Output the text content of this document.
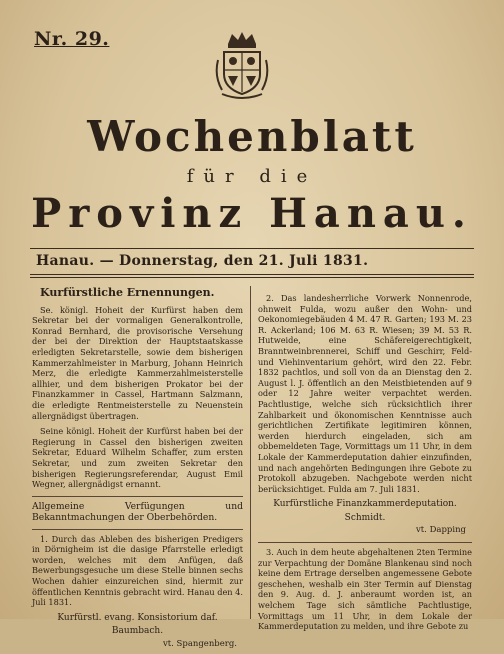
Nr. 29.
Wochenblatt
für die
Provinz Hanau.
Hanau. — Donnerstag, den 21. Juli 1831.
Kurfürstliche Ernennungen.

Se. königl. Hoheit der Kurfürst haben dem Sekretar bei der vormaligen Generalkontrolle, Konrad Bernhard, die provisorische Versehung der bei der Direktion der Hauptstaatskasse erledigten Sekretarstelle, sowie dem bisherigen Kammerzahlmeister in Marburg, Johann Heinrich Merz, die erledigte Kammerzahlmeisterstelle allhier, und dem bisherigen Prokator bei der Finanzkammer in Cassel, Hartmann Salzmann, die erledigte Rentmeisterstelle zu Neuenstein allergnädigst übertragen.

Seine königl. Hoheit der Kurfürst haben bei der Regierung in Cassel den bisherigen zweiten Sekretar, Eduard Wilhelm Schaffer, zum ersten Sekretar, und zum zweiten Sekretar den bisherigen Regierungsreferendar, August Emil Wegner, allergnädigst ernannt.

Allgemeine Verfügungen und Bekanntmachungen der Oberbehörden.

1. Durch das Ableben des bisherigen Predigers in Dörnigheim ist die dasige Pfarrstelle erledigt worden, welches mit dem Anfügen, daß Bewerbungsgesuche um diese Stelle binnen sechs Wochen dahier einzureichen sind, hiermit zur öffentlichen Kenntnis gebracht wird. Hanau den 4. Juli 1831.

Kurfürstl. evang. Konsistorium daf.
Baumbach.
vt. Spangenberg.

2. Das landesherrliche Vorwerk Nonnenrode, ohnweit Fulda, wozu außer den Wohn- und Oekonomiegebäuden 4 M. 47 R. Garten; 193 M. 23 R. Ackerland; 106 M. 63 R. Wiesen; 39 M. 53 R. Hutweide, eine Schäfereigerechtigkeit, Branntweinbrennerei, Schiff und Geschirr, Feld- und Viehinventarium gehört, wird den 22. Febr. 1832 pachtlos, und soll von da an Dienstag den 2. August l. J. öffentlich an den Meistbietenden auf 9 oder 12 Jahre weiter verpachtet werden. Pachtlustige, welche sich rücksichtlich ihrer Zahlbarkeit und ökonomischen Kenntnisse auch gerichtlichen Zertifikate legitimiren können, werden hierdurch eingeladen, sich am obbemeldeten Tage, Vormittags um 11 Uhr, in dem Lokale der Kammerdeputation dahier einzufinden, und nach angehörten Bedingungen ihre Gebote zu Protokoll abzugeben. Nachgebote werden nicht berücksichtiget. Fulda am 7. Juli 1831.

Kurfürstliche Finanzkammerdeputation.
Schmidt.
vt. Dapping

3. Auch in dem heute abgehaltenen 2ten Termine zur Verpachtung der Domäne Blankenau sind noch keine dem Ertrage derselben angemessene Gebote geschehen, weshalb ein 3ter Termin auf Dienstag den 9. Aug. d. J. anberaumt worden ist, an welchem Tage sich sämtliche Pachtlustige, Vormittags um 11 Uhr, in dem Lokale der Kammerdeputation zu melden, und ihre Gebote zu
